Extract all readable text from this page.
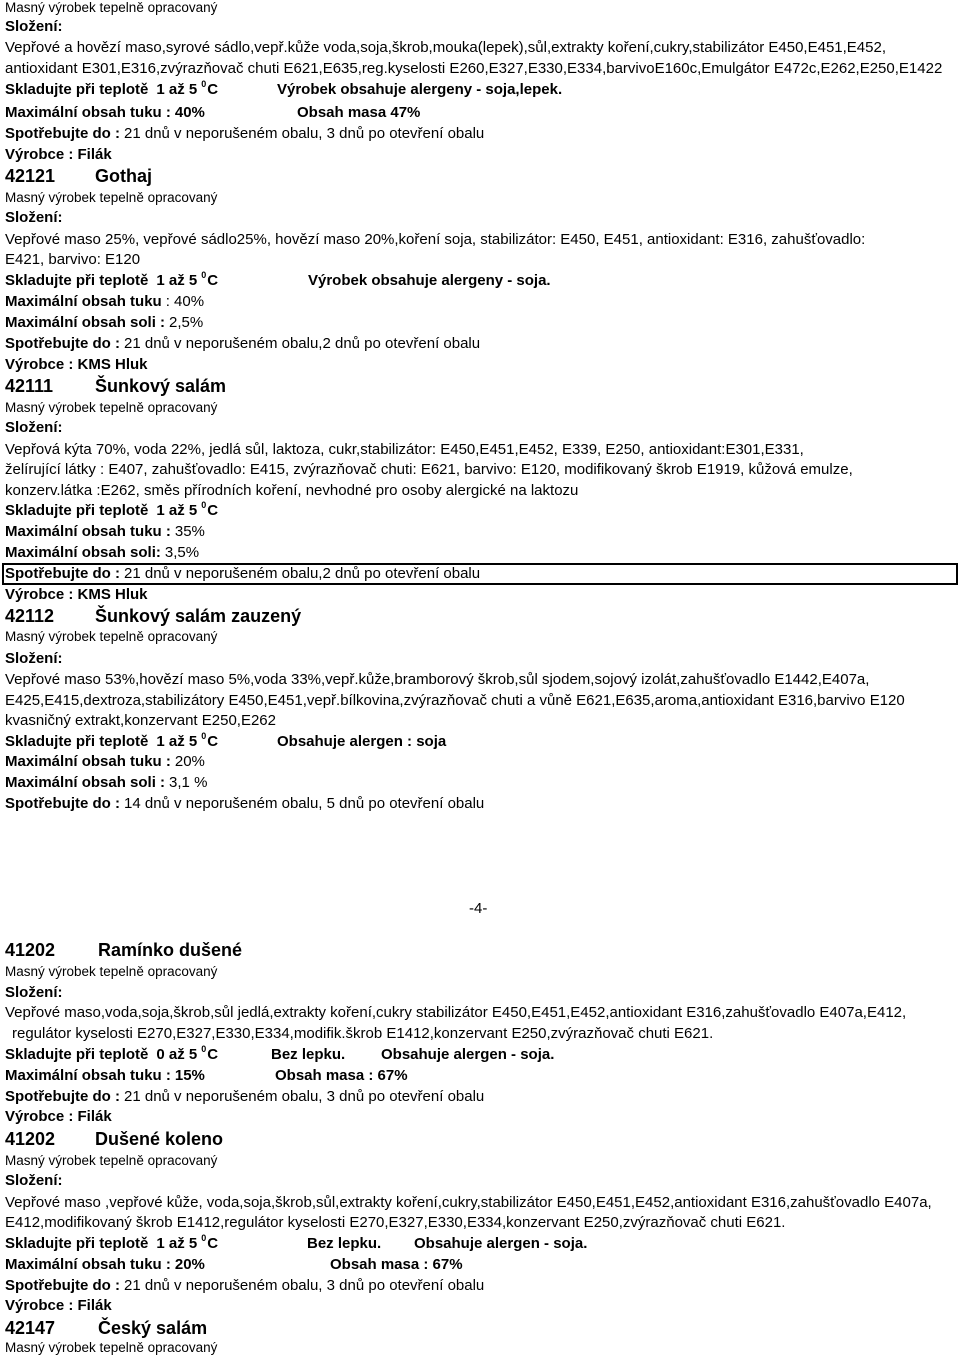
Masný výrobek tepelně opracovaný
Složení:
Vepřové a hovězí maso,syrové sádlo,vepř.kůže voda,soja,škrob,mouka(lepek),sůl,extrakty koření,cukry,stabilizátor E450,E451,E452,
antioxidant E301,E316,zvýrazňovač chuti E621,E635,reg.kyselosti E260,E327,E330,E334,barvivoE160c,Emulgátor E472c,E262,E250,E1422
Skladujte při teplotě 1 až 5 $^0$C	Výrobek obsahuje alergeny - soja,lepek.
Maximální obsah tuku : 40%	Obsah masa 47%
Spotřebujte do : 21 dnů v neporušeném obalu, 3 dnů po otevření obalu
Výrobce : Filák
42121 Gothaj
Masný výrobek tepelně opracovaný
Složení:
Vepřové maso 25%, vepřové sádlo25%, hovězí maso 20%,koření soja, stabilizátor: E450, E451, antioxidant: E316, zahušťovadlo:
E421, barvivo: E120
Skladujte při teplotě 1 až 5 $^0$C	Výrobek obsahuje alergeny - soja.
Maximální obsah tuku : 40%
Maximální obsah soli : 2,5%
Spotřebujte do : 21 dnů v neporušeném obalu,2 dnů po otevření obalu
Výrobce : KMS Hluk
42111 Šunkový salám
Masný výrobek tepelně opracovaný
Složení:
Vepřová kýta 70%, voda 22%, jedlá sůl, laktoza, cukr,stabilizátor: E450,E451,E452, E339, E250, antioxidant:E301,E331,
želírující látky : E407, zahušťovadlo: E415, zvýrazňovač chuti: E621, barvivo: E120, modifikovaný škrob E1919, kůžová emulze,
konzerv.látka :E262, směs přírodních koření, nevhodné pro osoby alergické na laktozu
Skladujte při teplotě 1 až 5 $^0$C
Maximální obsah tuku : 35%
Maximální obsah soli: 3,5%
Spotřebujte do : 21 dnů v neporušeném obalu,2 dnů po otevření obalu
Výrobce : KMS Hluk
42112 Šunkový salám zauzený
Masný výrobek tepelně opracovaný
Složení:
Vepřové maso 53%,hovězí maso 5%,voda 33%,vepř.kůže,bramborový škrob,sůl sjodem,sojový izolát,zahušťovadlo E1442,E407a,
E425,E415,dextroza,stabilizátory E450,E451,vepř.bílkovina,zvýrazňovač chuti a vůně E621,E635,aroma,antioxidant E316,barvivo E120
kvasničný extrakt,konzervant E250,E262
Skladujte při teplotě 1 až 5 $^0$C	Obsahuje alergen : soja
Maximální obsah tuku : 20%
Maximální obsah soli : 3,1 %
Spotřebujte do : 14 dnů v neporušeném obalu, 5 dnů po otevření obalu
-4-
41202 Ramínko dušené
Masný výrobek tepelně opracovaný
Složení:
Vepřové maso,voda,soja,škrob,sůl jedlá,extrakty koření,cukry stabilizátor E450,E451,E452,antioxidant E316,zahušťovadlo E407a,E412,
regulátor kyselosti E270,E327,E330,E334,modifik.škrob E1412,konzervant E250,zvýrazňovač chuti E621.
Skladujte při teplotě 0 až 5 $^0$C	Bez lepku. Obsahuje alergen - soja.
Maximální obsah tuku : 15%	Obsah masa : 67%
Spotřebujte do : 21 dnů v neporušeném obalu, 3 dnů po otevření obalu
Výrobce : Filák
41202 Dušené koleno
Masný výrobek tepelně opracovaný
Složení:
Vepřové maso ,vepřové kůže, voda,soja,škrob,sůl,extrakty koření,cukry,stabilizátor E450,E451,E452,antioxidant E316,zahušťovadlo E407a,
E412,modifikovaný škrob E1412,regulátor kyselosti E270,E327,E330,E334,konzervant E250,zvýrazňovač chuti E621.
Skladujte při teplotě 1 až 5 $^0$C	Bez lepku. Obsahuje alergen - soja.
Maximální obsah tuku : 20%	Obsah masa : 67%
Spotřebujte do : 21 dnů v neporušeném obalu, 3 dnů po otevření obalu
Výrobce : Filák
42147 Český salám
Masný výrobek tepelně opracovaný
